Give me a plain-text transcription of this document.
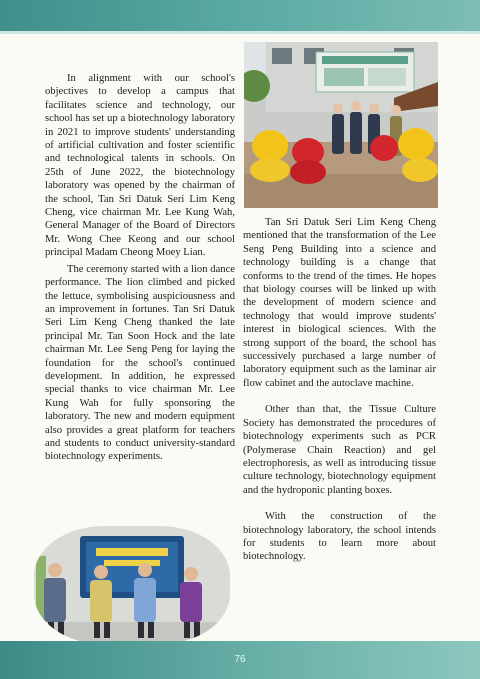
In alignment with our school's objectives to develop a campus that facilitates science and technology, our school has set up a biotechnology laboratory in 2021 to improve students' understanding of artificial cultivation and foster scientific and technological talents in schools. On 25th of June 2022, the biotechnology laboratory was opened by the chairman of the school, Tan Sri Datuk Seri Lim Keng Cheng, vice chairman Mr. Lee Kung Wah, General Manager of the Board of Directors Mr. Wong Chee Keong and our school principal Madam Cheong Moey Lian.

The ceremony started with a lion dance performance. The lion climbed and picked the lettuce, symbolising auspiciousness and an improvement in fortunes. Tan Sri Datuk Seri Lim Keng Cheng thanked the late principal Mr. Tan Soon Hock and the late chairman Mr. Lee Seng Peng for laying the foundation for the school's continued development. In addition, he expressed special thanks to vice chairman Mr. Lee Kung Wah for fully sponsoring the laboratory. The new and modern equipment also provides a great platform for teachers and students to conduct university-standard biotechnology experiments.

Tan Sri Datuk Seri Lim Keng Cheng mentioned that the transformation of the Lee Seng Peng Building into a science and technology building is a change that conforms to the trend of the times. He hopes that biology courses will be linked up with the development of modern science and technology that would improve students' interest in biological sciences. With the strong support of the board, the school has successively purchased a large number of laboratory equipment such as the laminar air flow cabinet and the autoclave machine.

Other than that, the Tissue Culture Society has demonstrated the procedures of biotechnology experiments such as PCR (Polymerase Chain Reaction) and gel electrophoresis, as well as introducing tissue culture technology, biotechnology equipment and the hydroponic planting boxes.

With the construction of the biotechnology laboratory, the school intends for students to learn more about biotechnology.

76
